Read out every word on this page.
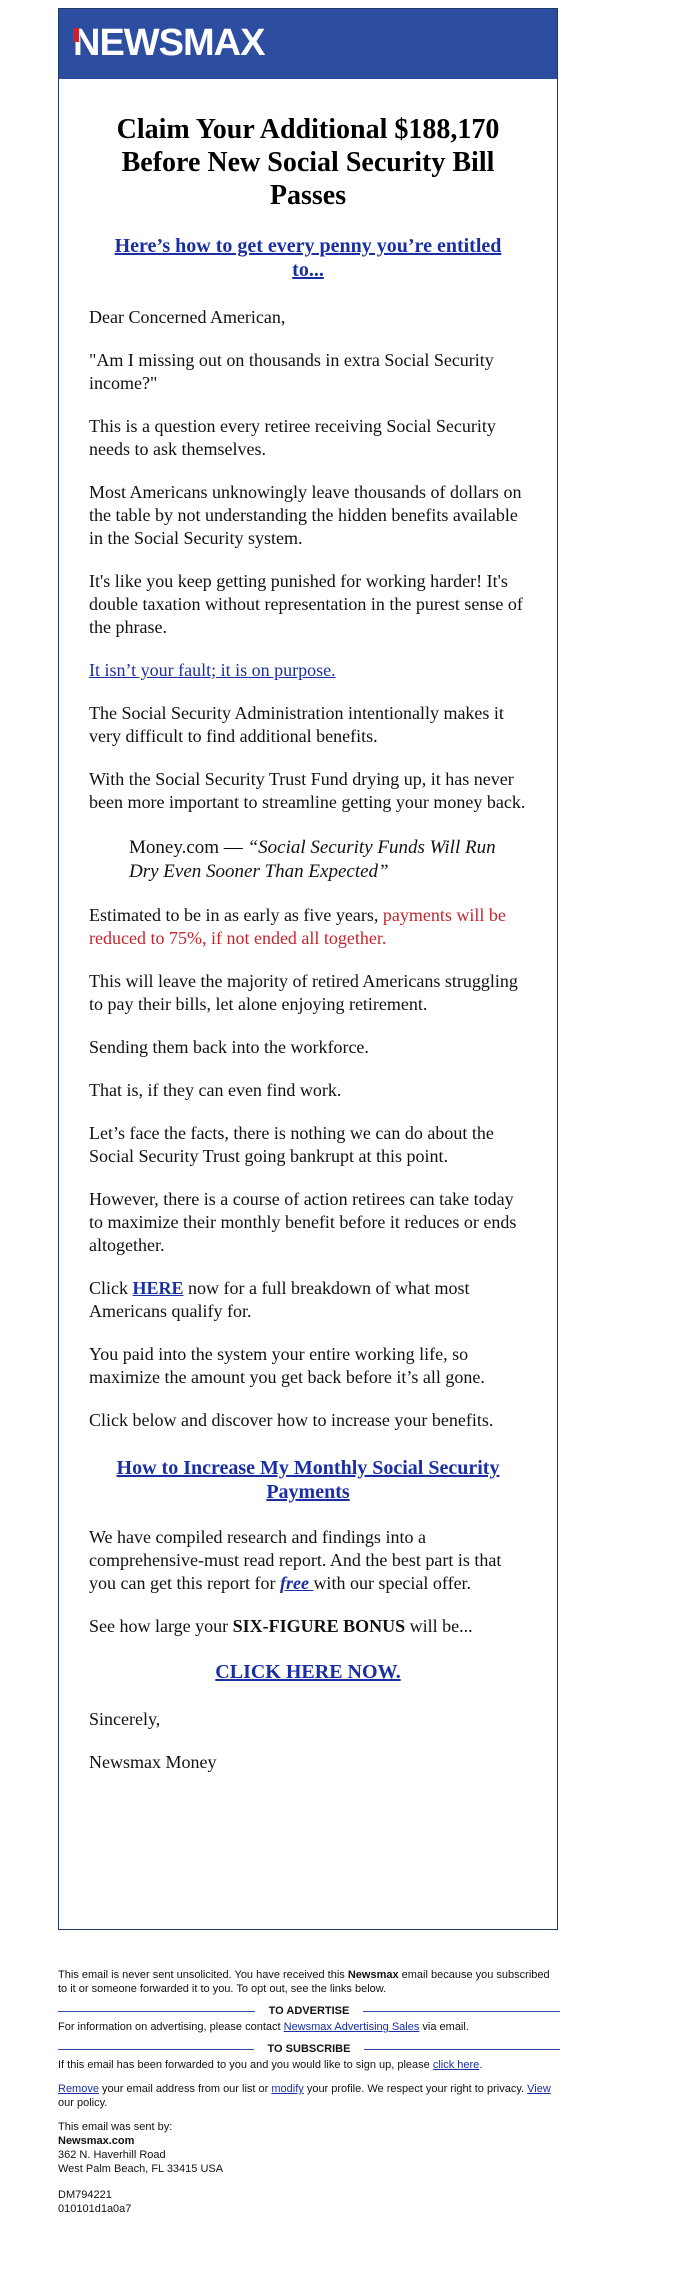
NEWSMAX
Claim Your Additional $188,170 Before New Social Security Bill Passes
Here’s how to get every penny you’re entitled to...

Dear Concerned American,

"Am I missing out on thousands in extra Social Security income?"

This is a question every retiree receiving Social Security needs to ask themselves.

Most Americans unknowingly leave thousands of dollars on the table by not understanding the hidden benefits available in the Social Security system.

It's like you keep getting punished for working harder! It's double taxation without representation in the purest sense of the phrase.

It isn’t your fault; it is on purpose.

The Social Security Administration intentionally makes it very difficult to find additional benefits.

With the Social Security Trust Fund drying up, it has never been more important to streamline getting your money back.

Money.com — “Social Security Funds Will Run Dry Even Sooner Than Expected”

Estimated to be in as early as five years, payments will be reduced to 75%, if not ended all together.

This will leave the majority of retired Americans struggling to pay their bills, let alone enjoying retirement.

Sending them back into the workforce.

That is, if they can even find work.

Let’s face the facts, there is nothing we can do about the Social Security Trust going bankrupt at this point.

However, there is a course of action retirees can take today to maximize their monthly benefit before it reduces or ends altogether.

Click HERE now for a full breakdown of what most Americans qualify for.

You paid into the system your entire working life, so maximize the amount you get back before it’s all gone.

Click below and discover how to increase your benefits.

How to Increase My Monthly Social Security Payments

We have compiled research and findings into a comprehensive-must read report. And the best part is that you can get this report for free with our special offer.

See how large your SIX-FIGURE BONUS will be...

CLICK HERE NOW.

Sincerely,

Newsmax Money

This email is never sent unsolicited. You have received this Newsmax email because you subscribed to it or someone forwarded it to you. To opt out, see the links below.
TO ADVERTISE
For information on advertising, please contact Newsmax Advertising Sales via email.
TO SUBSCRIBE
If this email has been forwarded to you and you would like to sign up, please click here.
Remove your email address from our list or modify your profile. We respect your right to privacy. View our policy.
This email was sent by:
Newsmax.com
362 N. Haverhill Road
West Palm Beach, FL 33415 USA
DM794221
010101d1a0a7
